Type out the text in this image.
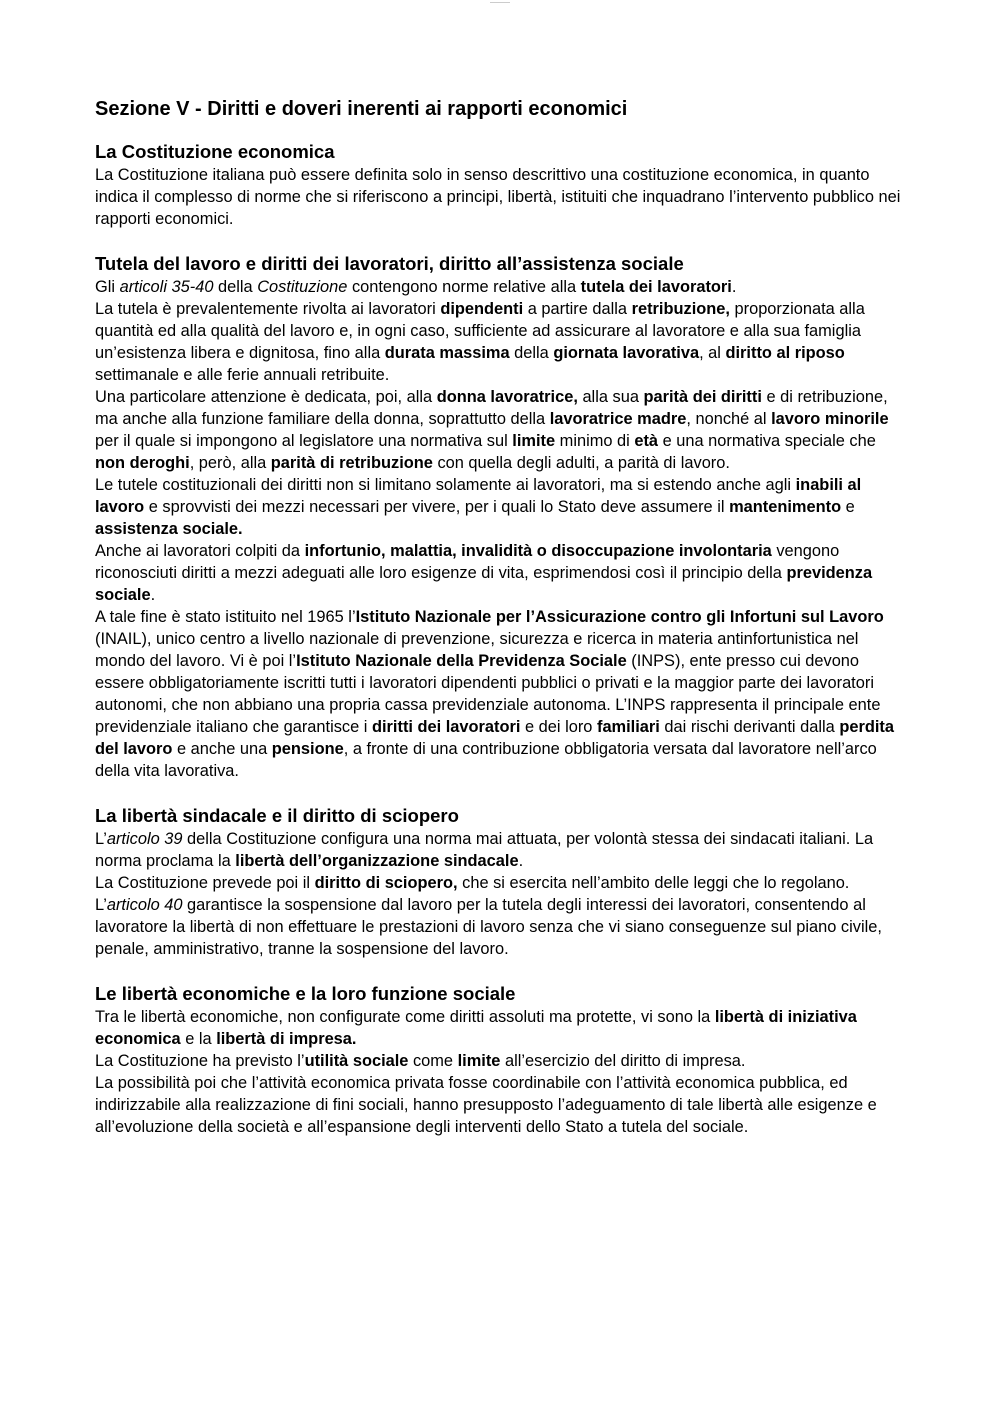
Sezione V - Diritti e doveri inerenti ai rapporti economici
La Costituzione economica

La Costituzione italiana può essere definita solo in senso descrittivo una costituzione economica, in quanto indica il complesso di norme che si riferiscono a principi, libertà, istituiti che inquadrano l’intervento pubblico nei rapporti economici.

Tutela del lavoro e diritti dei lavoratori, diritto all’assistenza sociale

Gli articoli 35-40 della Costituzione contengono norme relative alla tutela dei lavoratori.

La tutela è prevalentemente rivolta ai lavoratori dipendenti a partire dalla retribuzione, proporzionata alla quantità ed alla qualità del lavoro e, in ogni caso, sufficiente ad assicurare al lavoratore e alla sua famiglia un’esistenza libera e dignitosa, fino alla durata massima della giornata lavorativa, al diritto al riposo settimanale e alle ferie annuali retribuite.

Una particolare attenzione è dedicata, poi, alla donna lavoratrice, alla sua parità dei diritti e di retribuzione, ma anche alla funzione familiare della donna, soprattutto della lavoratrice madre, nonché al lavoro minorile per il quale si impongono al legislatore una normativa sul limite minimo di età e una normativa speciale che non deroghi, però, alla parità di retribuzione con quella degli adulti, a parità di lavoro.

Le tutele costituzionali dei diritti non si limitano solamente ai lavoratori, ma si estendo anche agli inabili al lavoro e sprovvisti dei mezzi necessari per vivere, per i quali lo Stato deve assumere il mantenimento e assistenza sociale.

Anche ai lavoratori colpiti da infortunio, malattia, invalidità o disoccupazione involontaria vengono riconosciuti diritti a mezzi adeguati alle loro esigenze di vita, esprimendosi così il principio della previdenza sociale.

A tale fine è stato istituito nel 1965 l’Istituto Nazionale per l’Assicurazione contro gli Infortuni sul Lavoro (INAIL), unico centro a livello nazionale di prevenzione, sicurezza e ricerca in materia antinfortunistica nel mondo del lavoro. Vi è poi l’Istituto Nazionale della Previdenza Sociale (INPS), ente presso cui devono essere obbligatoriamente iscritti tutti i lavoratori dipendenti pubblici o privati e la maggior parte dei lavoratori autonomi, che non abbiano una propria cassa previdenziale autonoma. L’INPS rappresenta il principale ente previdenziale italiano che garantisce i diritti dei lavoratori e dei loro familiari dai rischi derivanti dalla perdita del lavoro e anche una pensione, a fronte di una contribuzione obbligatoria versata dal lavoratore nell’arco della vita lavorativa.

La libertà sindacale e il diritto di sciopero

L’articolo 39 della Costituzione configura una norma mai attuata, per volontà stessa dei sindacati italiani. La norma proclama la libertà dell’organizzazione sindacale.

La Costituzione prevede poi il diritto di sciopero, che si esercita nell’ambito delle leggi che lo regolano. L’articolo 40 garantisce la sospensione dal lavoro per la tutela degli interessi dei lavoratori, consentendo al lavoratore la libertà di non effettuare le prestazioni di lavoro senza che vi siano conseguenze sul piano civile, penale, amministrativo, tranne la sospensione del lavoro.

Le libertà economiche e la loro funzione sociale

Tra le libertà economiche, non configurate come diritti assoluti ma protette, vi sono la libertà di iniziativa economica e la libertà di impresa.

La Costituzione ha previsto l’utilità sociale come limite all’esercizio del diritto di impresa.

La possibilità poi che l’attività economica privata fosse coordinabile con l’attività economica pubblica, ed indirizzabile alla realizzazione di fini sociali, hanno presupposto l’adeguamento di tale libertà alle esigenze e all’evoluzione della società e all’espansione degli interventi dello Stato a tutela del sociale.
